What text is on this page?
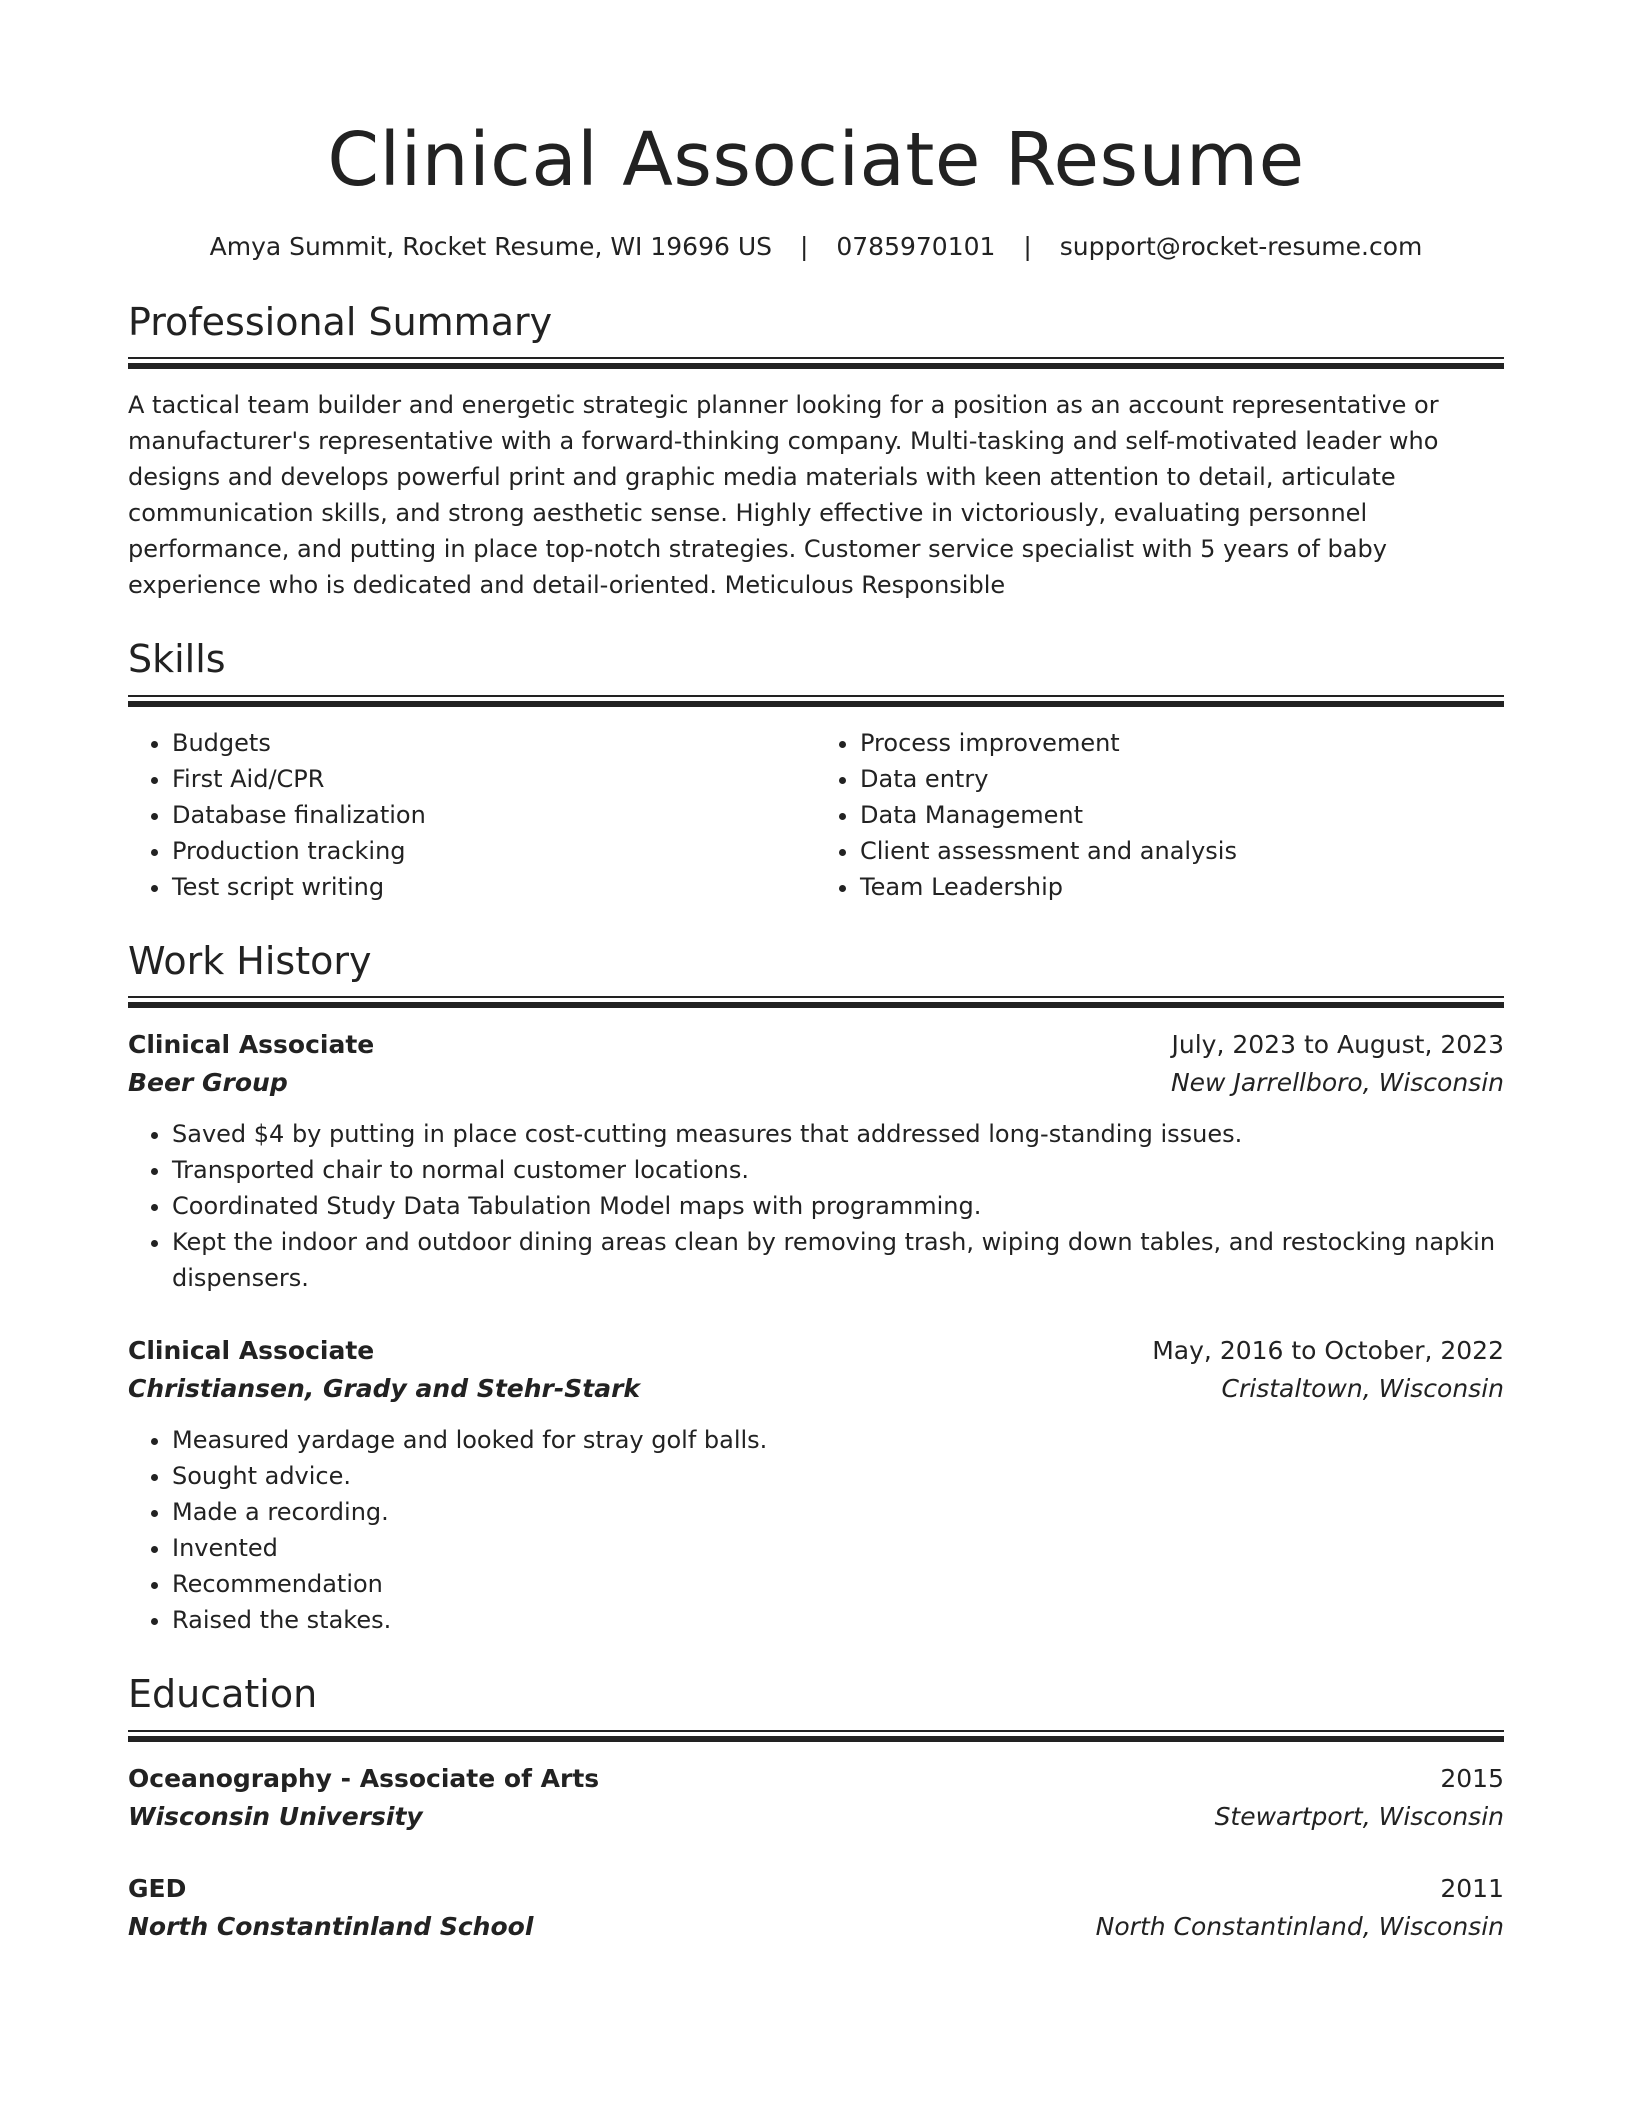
Clinical Associate Resume
Amya Summit, Rocket Resume, WI 19696 US | 0785970101 | support@rocket-resume.com
Professional Summary

A tactical team builder and energetic strategic planner looking for a position as an account representative or manufacturer's representative with a forward-thinking company. Multi-tasking and self-motivated leader who designs and develops powerful print and graphic media materials with keen attention to detail, articulate communication skills, and strong aesthetic sense. Highly effective in victoriously, evaluating personnel performance, and putting in place top-notch strategies. Customer service specialist with 5 years of baby experience who is dedicated and detail-oriented. Meticulous Responsible

Skills
• Budgets
• First Aid/CPR
• Database finalization
• Production tracking
• Test script writing
• Process improvement
• Data entry
• Data Management
• Client assessment and analysis
• Team Leadership
Work History
Clinical Associate	July, 2023 to August, 2023
Beer Group	New Jarrellboro, Wisconsin
• Saved $4 by putting in place cost-cutting measures that addressed long-standing issues.
• Transported chair to normal customer locations.
• Coordinated Study Data Tabulation Model maps with programming.
• Kept the indoor and outdoor dining areas clean by removing trash, wiping down tables, and restocking napkin dispensers.
Clinical Associate	May, 2016 to October, 2022
Christiansen, Grady and Stehr-Stark	Cristaltown, Wisconsin
• Measured yardage and looked for stray golf balls.
• Sought advice.
• Made a recording.
• Invented
• Recommendation
• Raised the stakes.
Education
Oceanography - Associate of Arts	2015
Wisconsin University	Stewartport, Wisconsin
GED	2011
North Constantinland School	North Constantinland, Wisconsin
